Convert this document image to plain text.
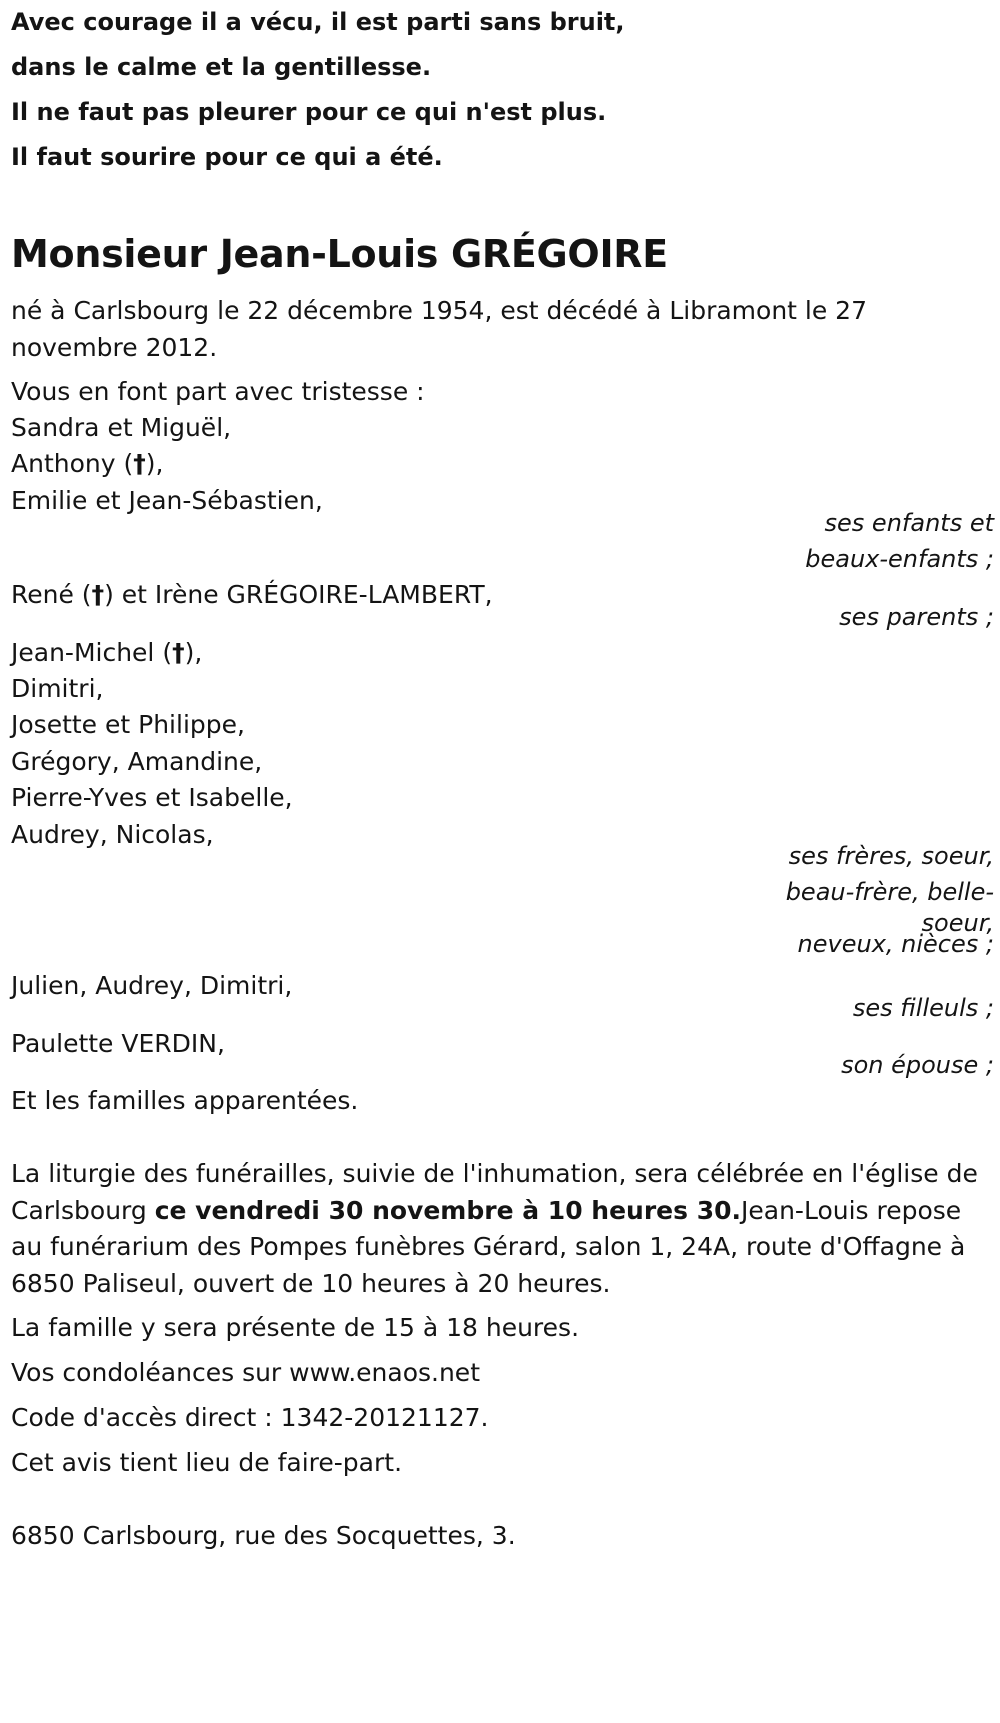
Avec courage il a vécu, il est parti sans bruit,

dans le calme et la gentillesse.

Il ne faut pas pleurer pour ce qui n'est plus.

Il faut sourire pour ce qui a été.

Monsieur Jean-Louis GRÉGOIRE

né à Carlsbourg le 22 décembre 1954, est décédé à Libramont le 27 novembre 2012.

Vous en font part avec tristesse :

Sandra et Miguël,

Anthony (†),

Emilie et Jean-Sébastien,

ses enfants et

beaux-enfants ;

René (†) et Irène GRÉGOIRE-LAMBERT,

ses parents ;

Jean-Michel (†),

Dimitri,

Josette et Philippe,

Grégory, Amandine,

Pierre-Yves et Isabelle,

Audrey, Nicolas,

ses frères, soeur,

beau-frère, belle-

soeur,

neveux, nièces ;

Julien, Audrey, Dimitri,

ses filleuls ;

Paulette VERDIN,

son épouse ;

Et les familles apparentées.

La liturgie des funérailles, suivie de l'inhumation, sera célébrée en l'église de Carlsbourg ce vendredi 30 novembre à 10 heures 30.Jean-Louis repose au funérarium des Pompes funèbres Gérard, salon 1, 24A, route d'Offagne à 6850 Paliseul, ouvert de 10 heures à 20 heures.

La famille y sera présente de 15 à 18 heures.

Vos condoléances sur www.enaos.net

Code d'accès direct : 1342-20121127.

Cet avis tient lieu de faire-part.

6850 Carlsbourg, rue des Socquettes, 3.
